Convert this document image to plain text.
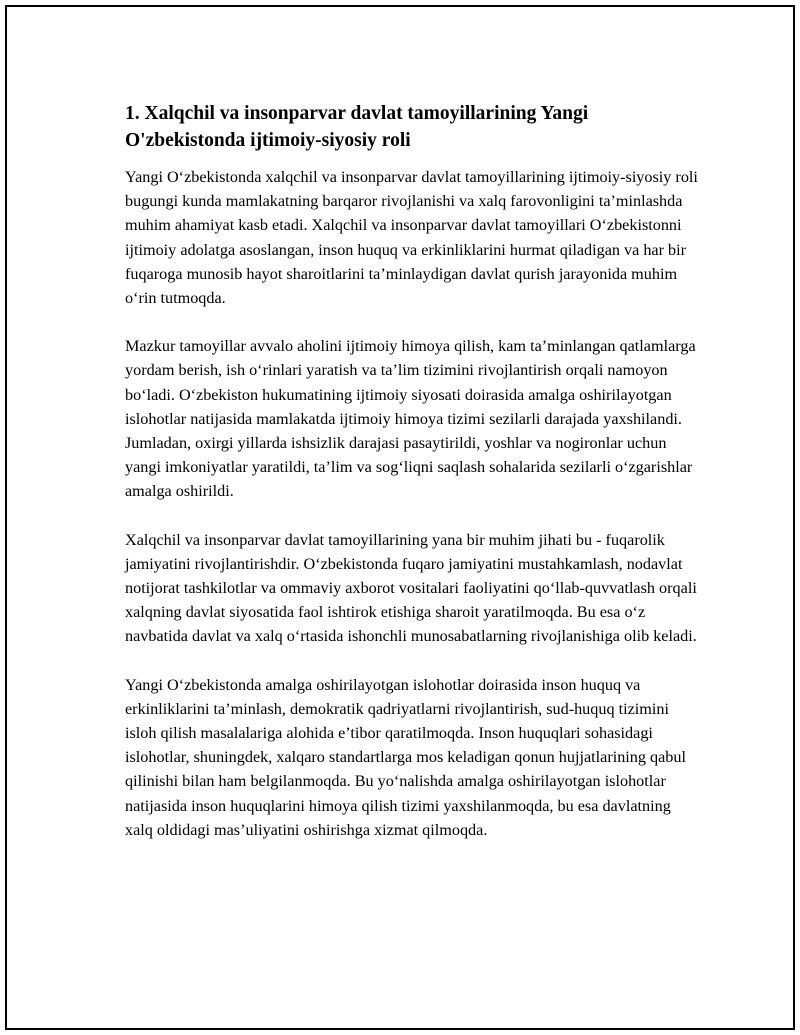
1. Xalqchil va insonparvar davlat tamoyillarining Yangi O'zbekistonda ijtimoiy-siyosiy roli

Yangi O‘zbekistonda xalqchil va insonparvar davlat tamoyillarining ijtimoiy-siyosiy roli bugungi kunda mamlakatning barqaror rivojlanishi va xalq farovonligini ta’minlashda muhim ahamiyat kasb etadi. Xalqchil va insonparvar davlat tamoyillari O‘zbekistonni ijtimoiy adolatga asoslangan, inson huquq va erkinliklarini hurmat qiladigan va har bir fuqaroga munosib hayot sharoitlarini ta’minlaydigan davlat qurish jarayonida muhim o‘rin tutmoqda.

Mazkur tamoyillar avvalo aholini ijtimoiy himoya qilish, kam ta’minlangan qatlamlarga yordam berish, ish o‘rinlari yaratish va ta’lim tizimini rivojlantirish orqali namoyon bo‘ladi. O‘zbekiston hukumatining ijtimoiy siyosati doirasida amalga oshirilayotgan islohotlar natijasida mamlakatda ijtimoiy himoya tizimi sezilarli darajada yaxshilandi. Jumladan, oxirgi yillarda ishsizlik darajasi pasaytirildi, yoshlar va nogironlar uchun yangi imkoniyatlar yaratildi, ta’lim va sog‘liqni saqlash sohalarida sezilarli o‘zgarishlar amalga oshirildi.

Xalqchil va insonparvar davlat tamoyillarining yana bir muhim jihati bu - fuqarolik jamiyatini rivojlantirishdir. O‘zbekistonda fuqaro jamiyatini mustahkamlash, nodavlat notijorat tashkilotlar va ommaviy axborot vositalari faoliyatini qo‘llab-quvvatlash orqali xalqning davlat siyosatida faol ishtirok etishiga sharoit yaratilmoqda. Bu esa o‘z navbatida davlat va xalq o‘rtasida ishonchli munosabatlarning rivojlanishiga olib keladi.

Yangi O‘zbekistonda amalga oshirilayotgan islohotlar doirasida inson huquq va erkinliklarini ta’minlash, demokratik qadriyatlarni rivojlantirish, sud-huquq tizimini isloh qilish masalalariga alohida e’tibor qaratilmoqda. Inson huquqlari sohasidagi islohotlar, shuningdek, xalqaro standartlarga mos keladigan qonun hujjatlarining qabul qilinishi bilan ham belgilanmoqda. Bu yo‘nalishda amalga oshirilayotgan islohotlar natijasida inson huquqlarini himoya qilish tizimi yaxshilanmoqda, bu esa davlatning xalq oldidagi mas’uliyatini oshirishga xizmat qilmoqda.
